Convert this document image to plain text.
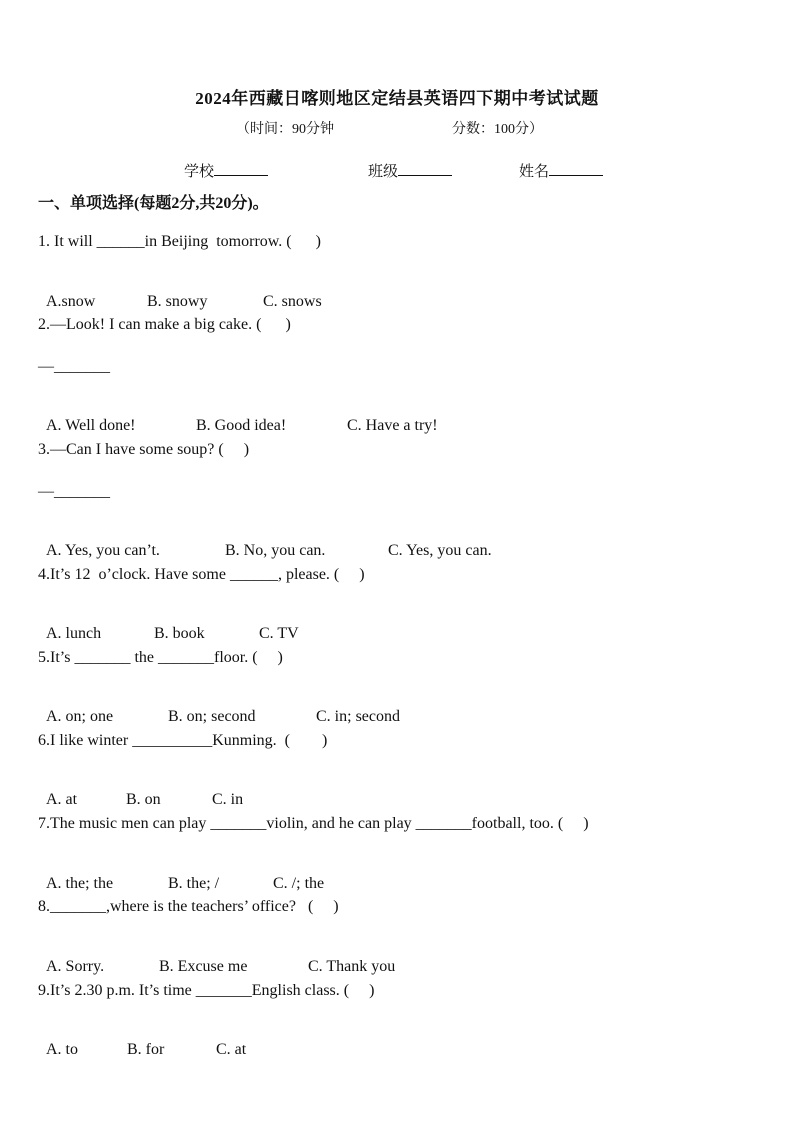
2024年西藏日喀则地区定结县英语四下期中考试试题
（时间：90分钟	分数：100分）
学校	班级	姓名
一、单项选择(每题2分,共20分)。
1. It will ______in Beijing  tomorrow. (      )

A.snow	B. snowy	C. snows

2.—Look! I can make a big cake. (      )
—_______

A. Well done!	B. Good idea!	C. Have a try!

3.—Can I have some soup? (     )
—_______

A. Yes, you can’t.	B. No, you can.	C. Yes, you can.

4.It’s 12  o’clock. Have some ______, please. (     )

A. lunch	B. book	C. TV

5.It’s _______ the _______floor. (     )

A. on; one	B. on; second	C. in; second

6.I like winter __________Kunming.  (        )

A. at	B. on	C. in

7.The music men can play _______violin, and he can play _______football, too. (     )

A. the; the	B. the; /	C. /; the

8._______,where is the teachers’ office?   (     )

A. Sorry.	B. Excuse me	C. Thank you

9.It’s 2.30 p.m. It’s time _______English class. (     )

A. to	B. for	C. at
